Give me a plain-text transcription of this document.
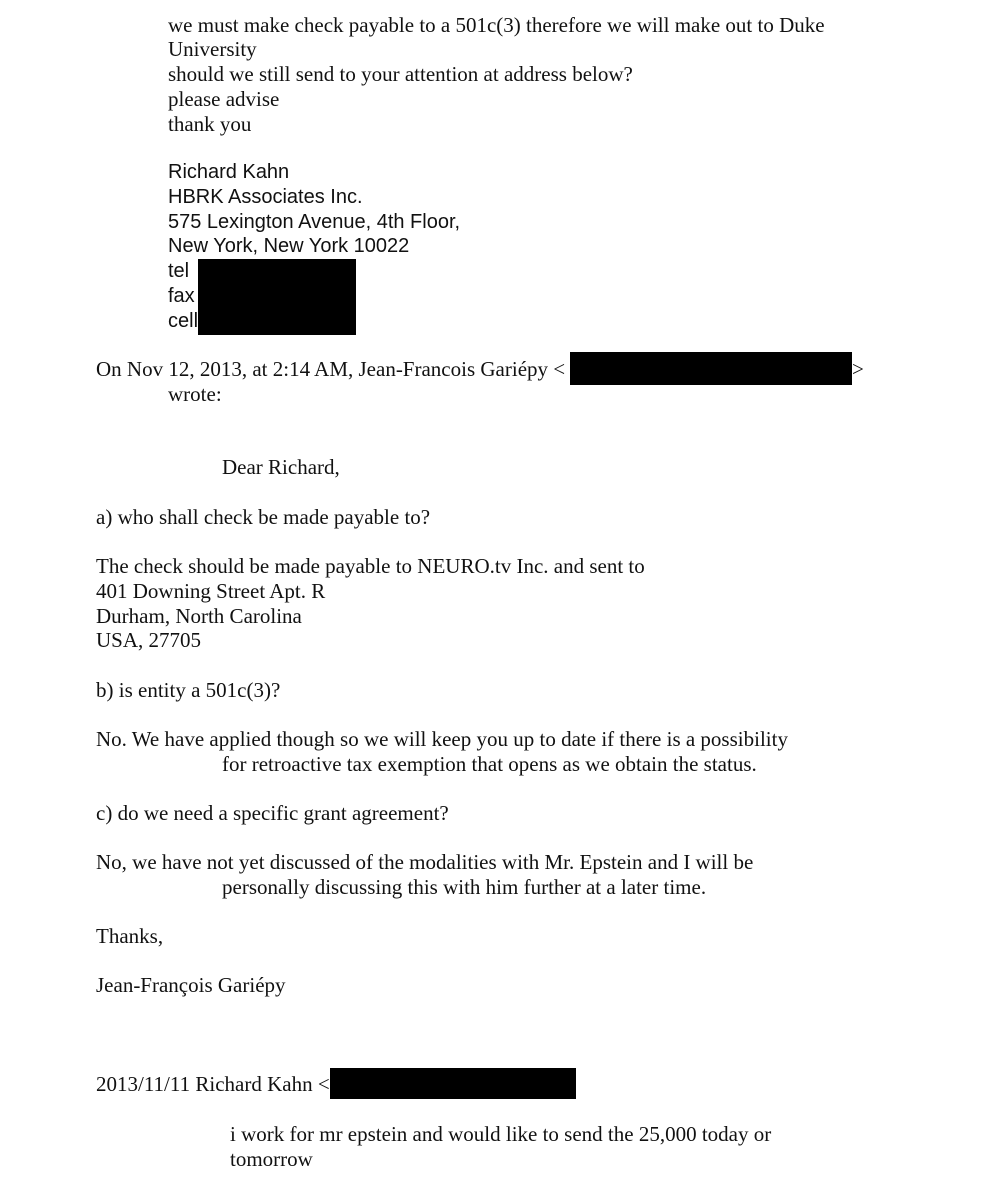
we must make check payable to a 501c(3) therefore we will make out to Duke
University
should we still send to your attention at address below?
please advise
thank you
Richard Kahn
HBRK Associates Inc.
575 Lexington Avenue, 4th Floor,
New York, New York 10022
tel
fax
cell
On Nov 12, 2013, at 2:14 AM, Jean-Francois Gariépy <	>
wrote:
Dear Richard,
a) who shall check be made payable to?
The check should be made payable to NEURO.tv Inc. and sent to
401 Downing Street Apt. R
Durham, North Carolina
USA, 27705
b) is entity a 501c(3)?
No. We have applied though so we will keep you up to date if there is a possibility
for retroactive tax exemption that opens as we obtain the status.
c) do we need a specific grant agreement?
No, we have not yet discussed of the modalities with Mr. Epstein and I will be
personally discussing this with him further at a later time.
Thanks,
Jean-François Gariépy
2013/11/11 Richard Kahn <
i work for mr epstein and would like to send the 25,000 today or
tomorrow
